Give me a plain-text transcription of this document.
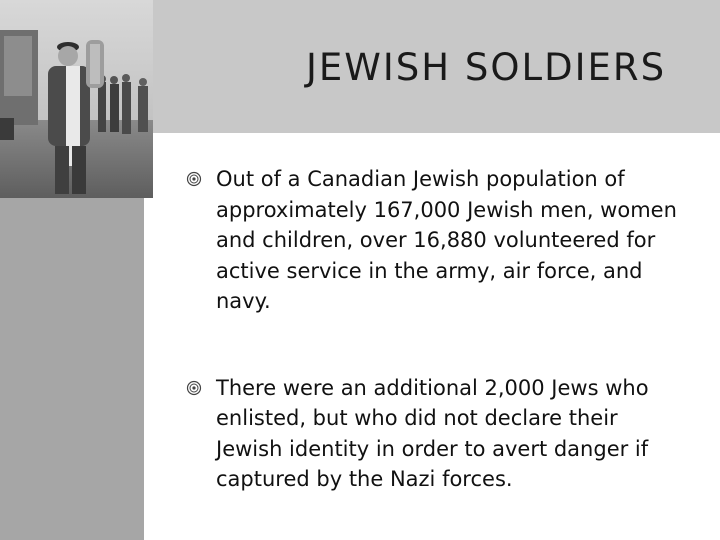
JEWISH SOLDIERS
Out of a Canadian Jewish population of approximately 167,000 Jewish men, women and children, over 16,880 volunteered for active service in the army, air force, and navy.
There were an additional 2,000 Jews who enlisted, but who did not declare their Jewish identity in order to avert danger if captured by the Nazi forces.
